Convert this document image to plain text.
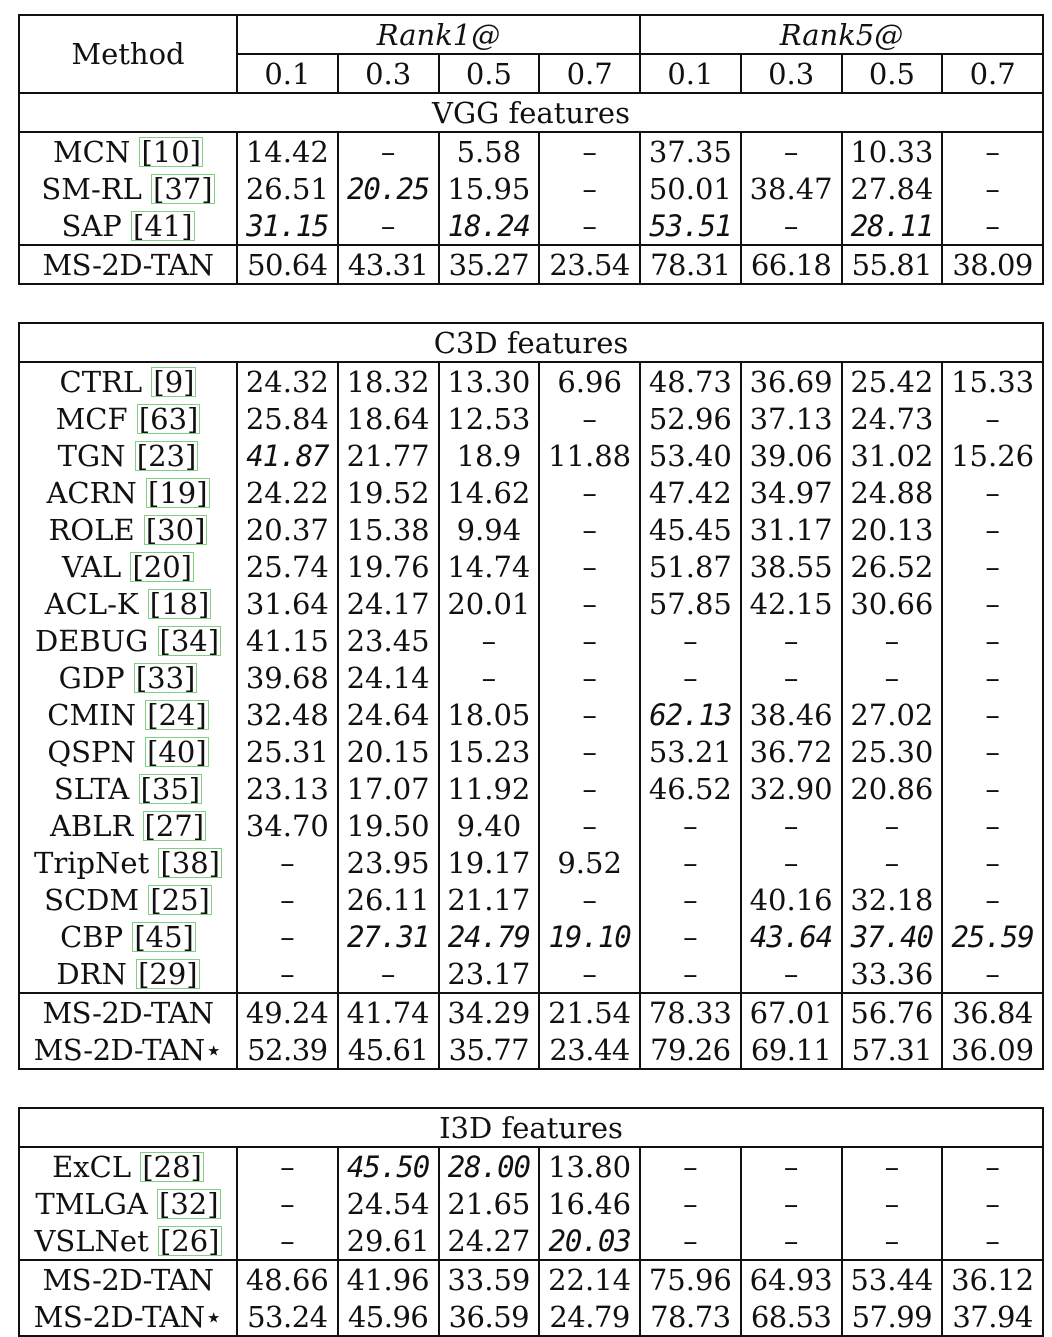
Method	Rank1@				Rank5@			
	0.1	0.3	0.5	0.7	0.1	0.3	0.5	0.7
VGG features								
MCN [10]	14.42	–	5.58	–	37.35	–	10.33	–
SM-RL [37]	26.51	20.25	15.95	–	50.01	38.47	27.84	–
SAP [41]	31.15	–	18.24	–	53.51	–	28.11	–
MS-2D-TAN	50.64	43.31	35.27	23.54	78.31	66.18	55.81	38.09

C3D features								
CTRL [9]	24.32	18.32	13.30	6.96	48.73	36.69	25.42	15.33
MCF [63]	25.84	18.64	12.53	–	52.96	37.13	24.73	–
TGN [23]	41.87	21.77	18.9	11.88	53.40	39.06	31.02	15.26
ACRN [19]	24.22	19.52	14.62	–	47.42	34.97	24.88	–
ROLE [30]	20.37	15.38	9.94	–	45.45	31.17	20.13	–
VAL [20]	25.74	19.76	14.74	–	51.87	38.55	26.52	–
ACL-K [18]	31.64	24.17	20.01	–	57.85	42.15	30.66	–
DEBUG [34]	41.15	23.45	–	–	–	–	–	–
GDP [33]	39.68	24.14	–	–	–	–	–	–
CMIN [24]	32.48	24.64	18.05	–	62.13	38.46	27.02	–
QSPN [40]	25.31	20.15	15.23	–	53.21	36.72	25.30	–
SLTA [35]	23.13	17.07	11.92	–	46.52	32.90	20.86	–
ABLR [27]	34.70	19.50	9.40	–	–	–	–	–
TripNet [38]	–	23.95	19.17	9.52	–	–	–	–
SCDM [25]	–	26.11	21.17	–	–	40.16	32.18	–
CBP [45]	–	27.31	24.79	19.10	–	43.64	37.40	25.59
DRN [29]	–	–	23.17	–	–	–	33.36	–
MS-2D-TAN	49.24	41.74	34.29	21.54	78.33	67.01	56.76	36.84
MS-2D-TAN⋆	52.39	45.61	35.77	23.44	79.26	69.11	57.31	36.09

I3D features								
ExCL [28]	–	45.50	28.00	13.80	–	–	–	–
TMLGA [32]	–	24.54	21.65	16.46	–	–	–	–
VSLNet [26]	–	29.61	24.27	20.03	–	–	–	–
MS-2D-TAN	48.66	41.96	33.59	22.14	75.96	64.93	53.44	36.12
MS-2D-TAN⋆	53.24	45.96	36.59	24.79	78.73	68.53	57.99	37.94
